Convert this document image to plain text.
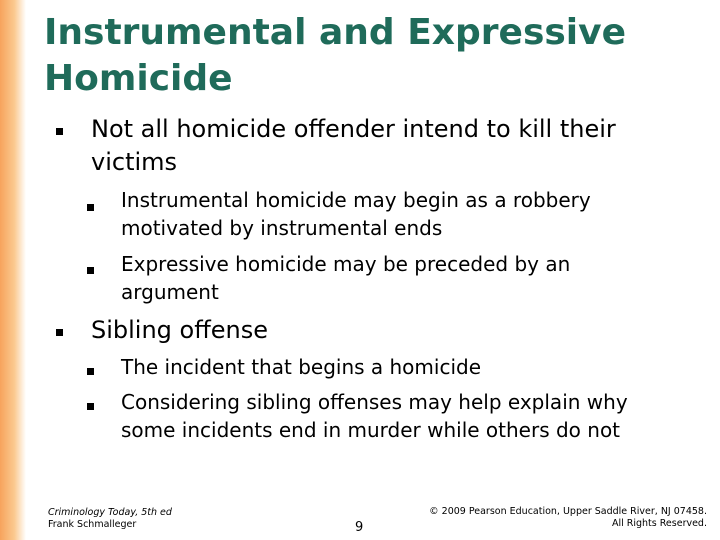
Instrumental and Expressive
Homicide

Not all homicide offender intend to kill their
victims

Instrumental homicide may begin as a robbery
motivated by instrumental ends

Expressive homicide may be preceded by an
argument

Sibling offense

The incident that begins a homicide

Considering sibling offenses may help explain why
some incidents end in murder while others do not

Criminology Today, 5th ed
Frank Schmalleger	9
© 2009 Pearson Education, Upper Saddle River, NJ 07458.
All Rights Reserved.
